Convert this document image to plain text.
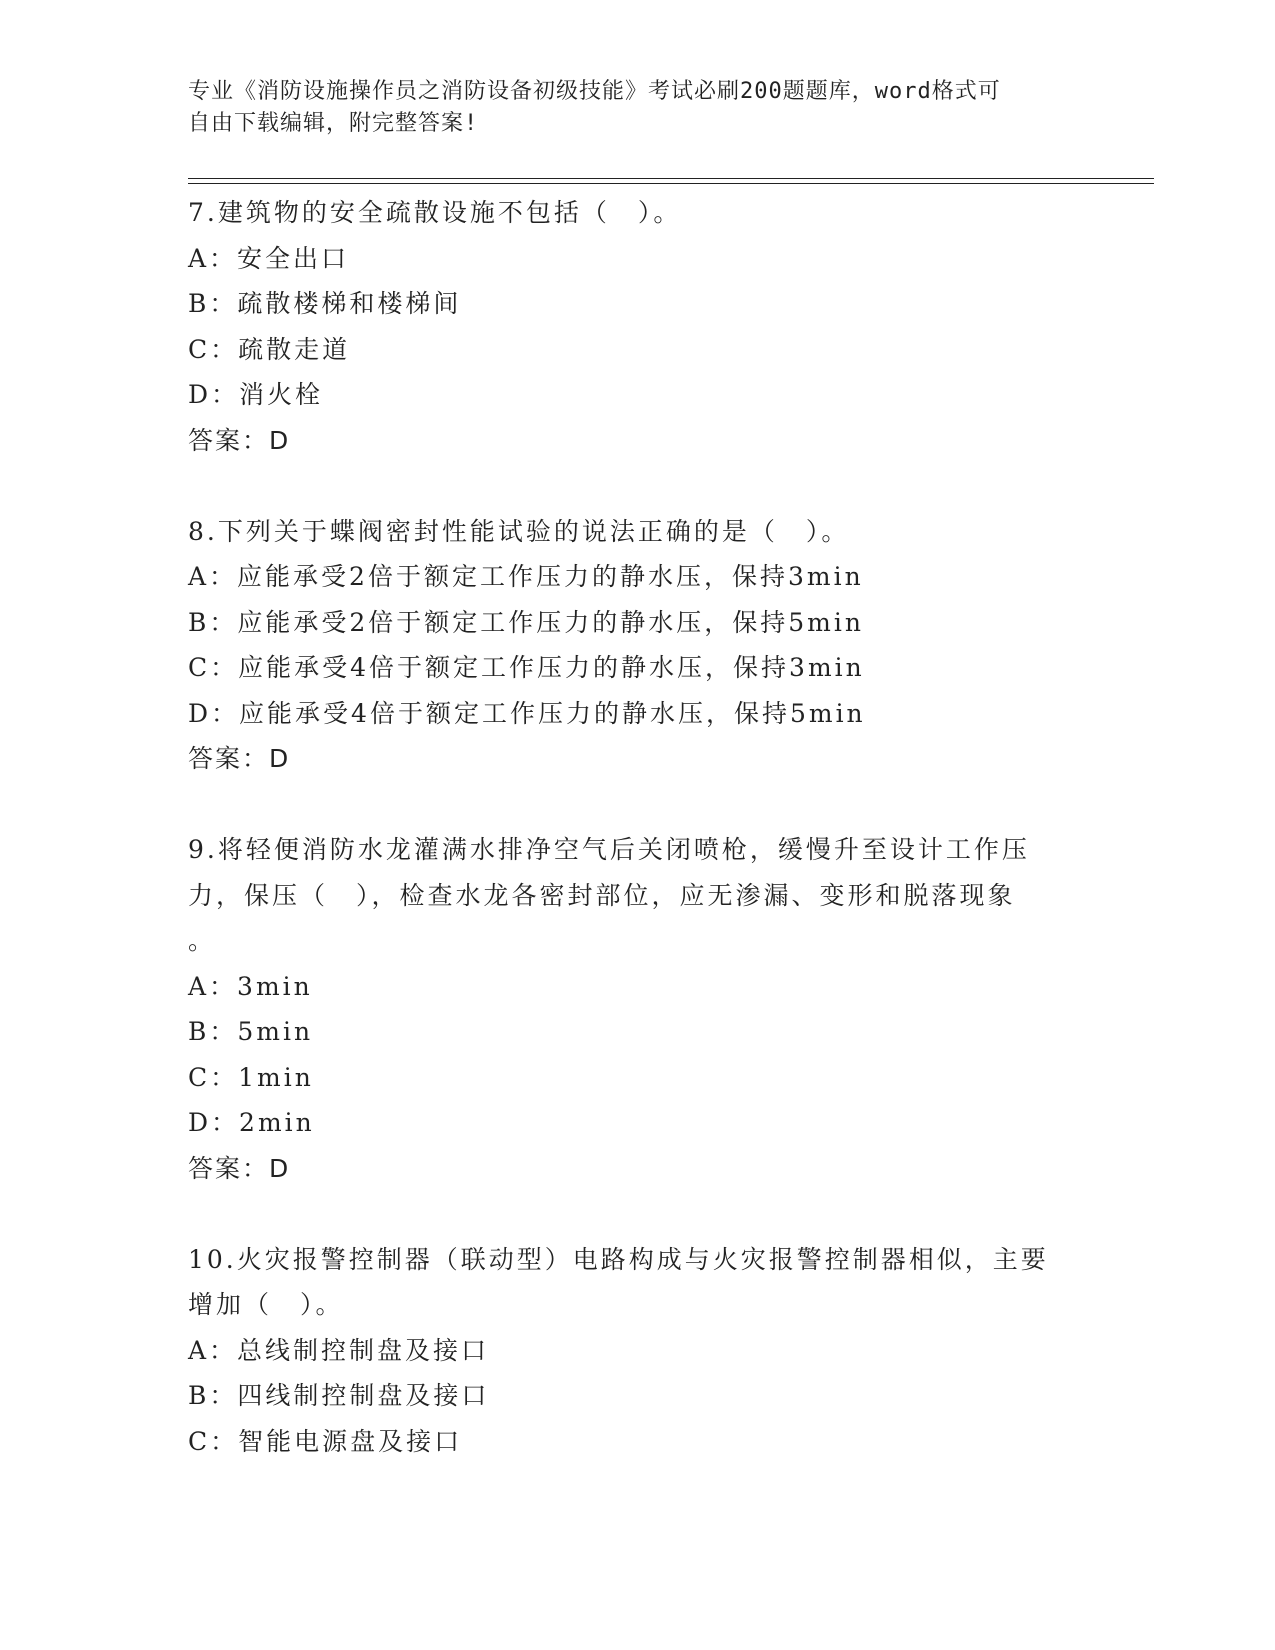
专业《消防设施操作员之消防设备初级技能》考试必刷200题题库，word格式可
自由下载编辑，附完整答案!
7.建筑物的安全疏散设施不包括（　）。
A：安全出口
B：疏散楼梯和楼梯间
C：疏散走道
D：消火栓
答案：D
8.下列关于蝶阀密封性能试验的说法正确的是（　）。
A：应能承受2倍于额定工作压力的静水压，保持3min
B：应能承受2倍于额定工作压力的静水压，保持5min
C：应能承受4倍于额定工作压力的静水压，保持3min
D：应能承受4倍于额定工作压力的静水压，保持5min
答案：D
9.将轻便消防水龙灌满水排净空气后关闭喷枪，缓慢升至设计工作压
力，保压（　），检查水龙各密封部位，应无渗漏、变形和脱落现象
。
A：3min
B：5min
C：1min
D：2min
答案：D
10.火灾报警控制器（联动型）电路构成与火灾报警控制器相似，主要
增加（　）。
A：总线制控制盘及接口
B：四线制控制盘及接口
C：智能电源盘及接口
